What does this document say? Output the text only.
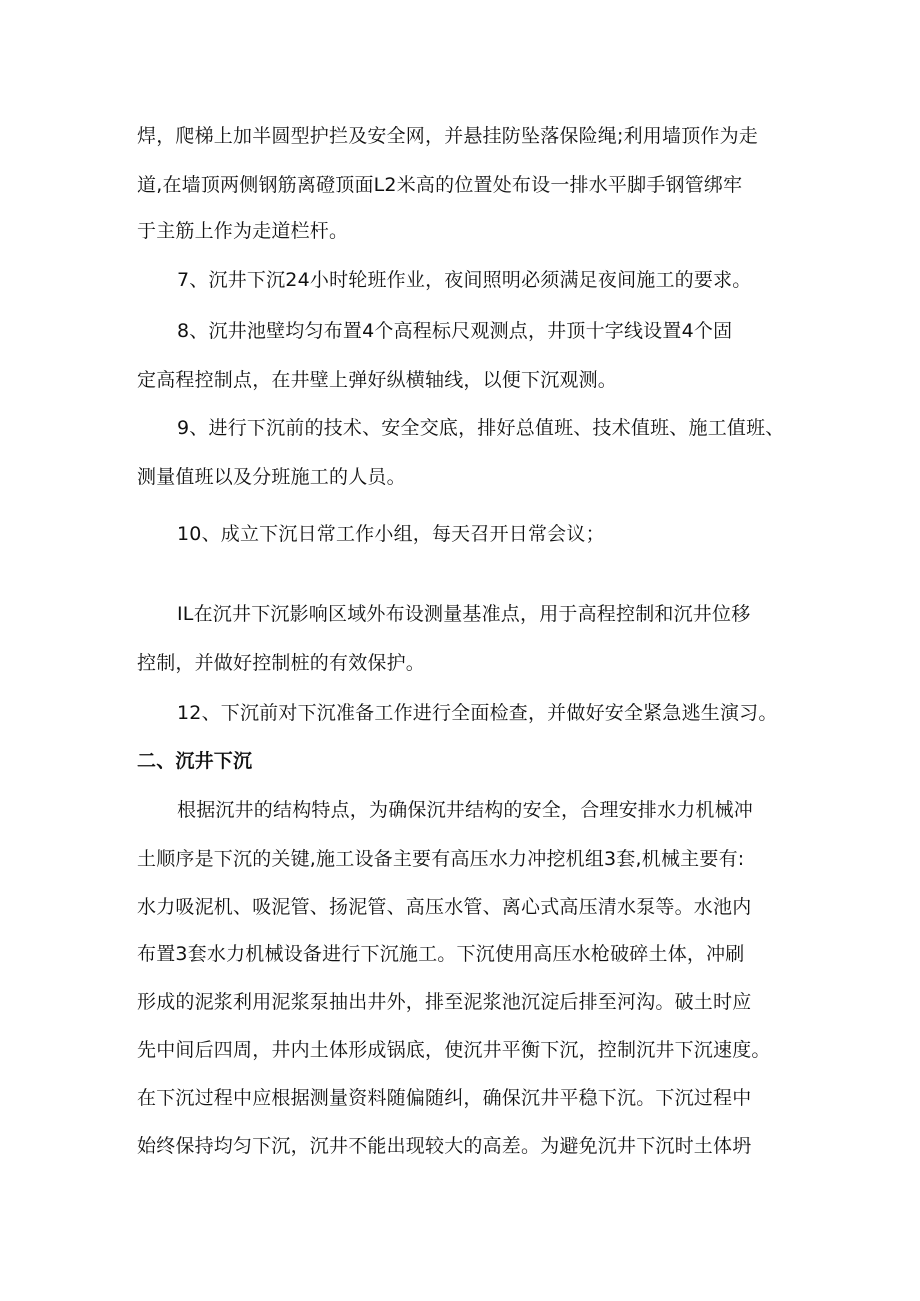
焊，爬梯上加半圆型护拦及安全网，并悬挂防坠落保险绳;利用墙顶作为走
道,在墙顶两侧钢筋离磴顶面L2米高的位置处布设一排水平脚手钢管绑牢
于主筋上作为走道栏杆。
7、沉井下沉24小时轮班作业，夜间照明必须满足夜间施工的要求。
8、沉井池壁均匀布置4个高程标尺观测点，井顶十字线设置4个固
定高程控制点，在井壁上弹好纵横轴线，以便下沉观测。
9、进行下沉前的技术、安全交底，排好总值班、技术值班、施工值班、
测量值班以及分班施工的人员。
10、成立下沉日常工作小组，每天召开日常会议；
IL在沉井下沉影响区域外布设测量基准点，用于高程控制和沉井位移
控制，并做好控制桩的有效保护。
12、下沉前对下沉准备工作进行全面检查，并做好安全紧急逃生演习。
二、沉井下沉
根据沉井的结构特点，为确保沉井结构的安全，合理安排水力机械冲
土顺序是下沉的关键,施工设备主要有高压水力冲挖机组3套,机械主要有:
水力吸泥机、吸泥管、扬泥管、高压水管、离心式高压清水泵等。水池内
布置3套水力机械设备进行下沉施工。下沉使用高压水枪破碎土体，冲刷
形成的泥浆利用泥浆泵抽出井外，排至泥浆池沉淀后排至河沟。破土时应
先中间后四周，井内土体形成锅底，使沉井平衡下沉，控制沉井下沉速度。
在下沉过程中应根据测量资料随偏随纠，确保沉井平稳下沉。下沉过程中
始终保持均匀下沉，沉井不能出现较大的高差。为避免沉井下沉时土体坍
